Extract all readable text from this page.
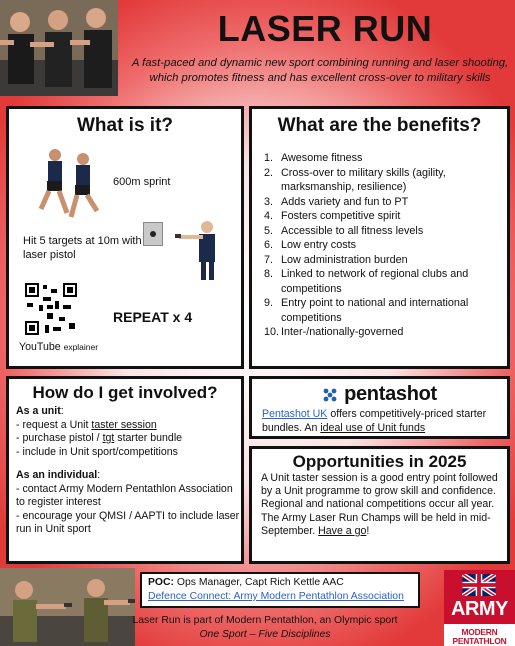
LASER RUN
A fast-paced and dynamic new sport combining running and laser shooting, which promotes fitness and has excellent cross-over to military skills
What is it?
600m sprint
Hit 5 targets at 10m with laser pistol
REPEAT x 4
YouTube explainer
What are the benefits?
1. Awesome fitness
2. Cross-over to military skills (agility, marksmanship, resilience)
3. Adds variety and fun to PT
4. Fosters competitive spirit
5. Accessible to all fitness levels
6. Low entry costs
7. Low administration burden
8. Linked to network of regional clubs and competitions
9. Entry point to national and international competitions
10. Inter-/nationally-governed
How do I get involved?
As a unit:
- request a Unit taster session
- purchase pistol / tgt starter bundle
- include in Unit sport/competitions
As an individual:
- contact Army Modern Pentathlon Association to register interest
- encourage your QMSI / AAPTI to include laser run in Unit sport
pentashot
Pentashot UK offers competitively-priced starter bundles. An ideal use of Unit funds
Opportunities in 2025

A Unit taster session is a good entry point followed by a Unit programme to grow skill and confidence. Regional and national competitions occur all year. The Army Laser Run Champs will be held in mid-September. Have a go!

POC: Ops Manager, Capt Rich Kettle AAC
Defence Connect: Army Modern Pentathlon Association
Laser Run is part of Modern Pentathlon, an Olympic sport
One Sport – Five Disciplines
ARMY
MODERN PENTATHLON
